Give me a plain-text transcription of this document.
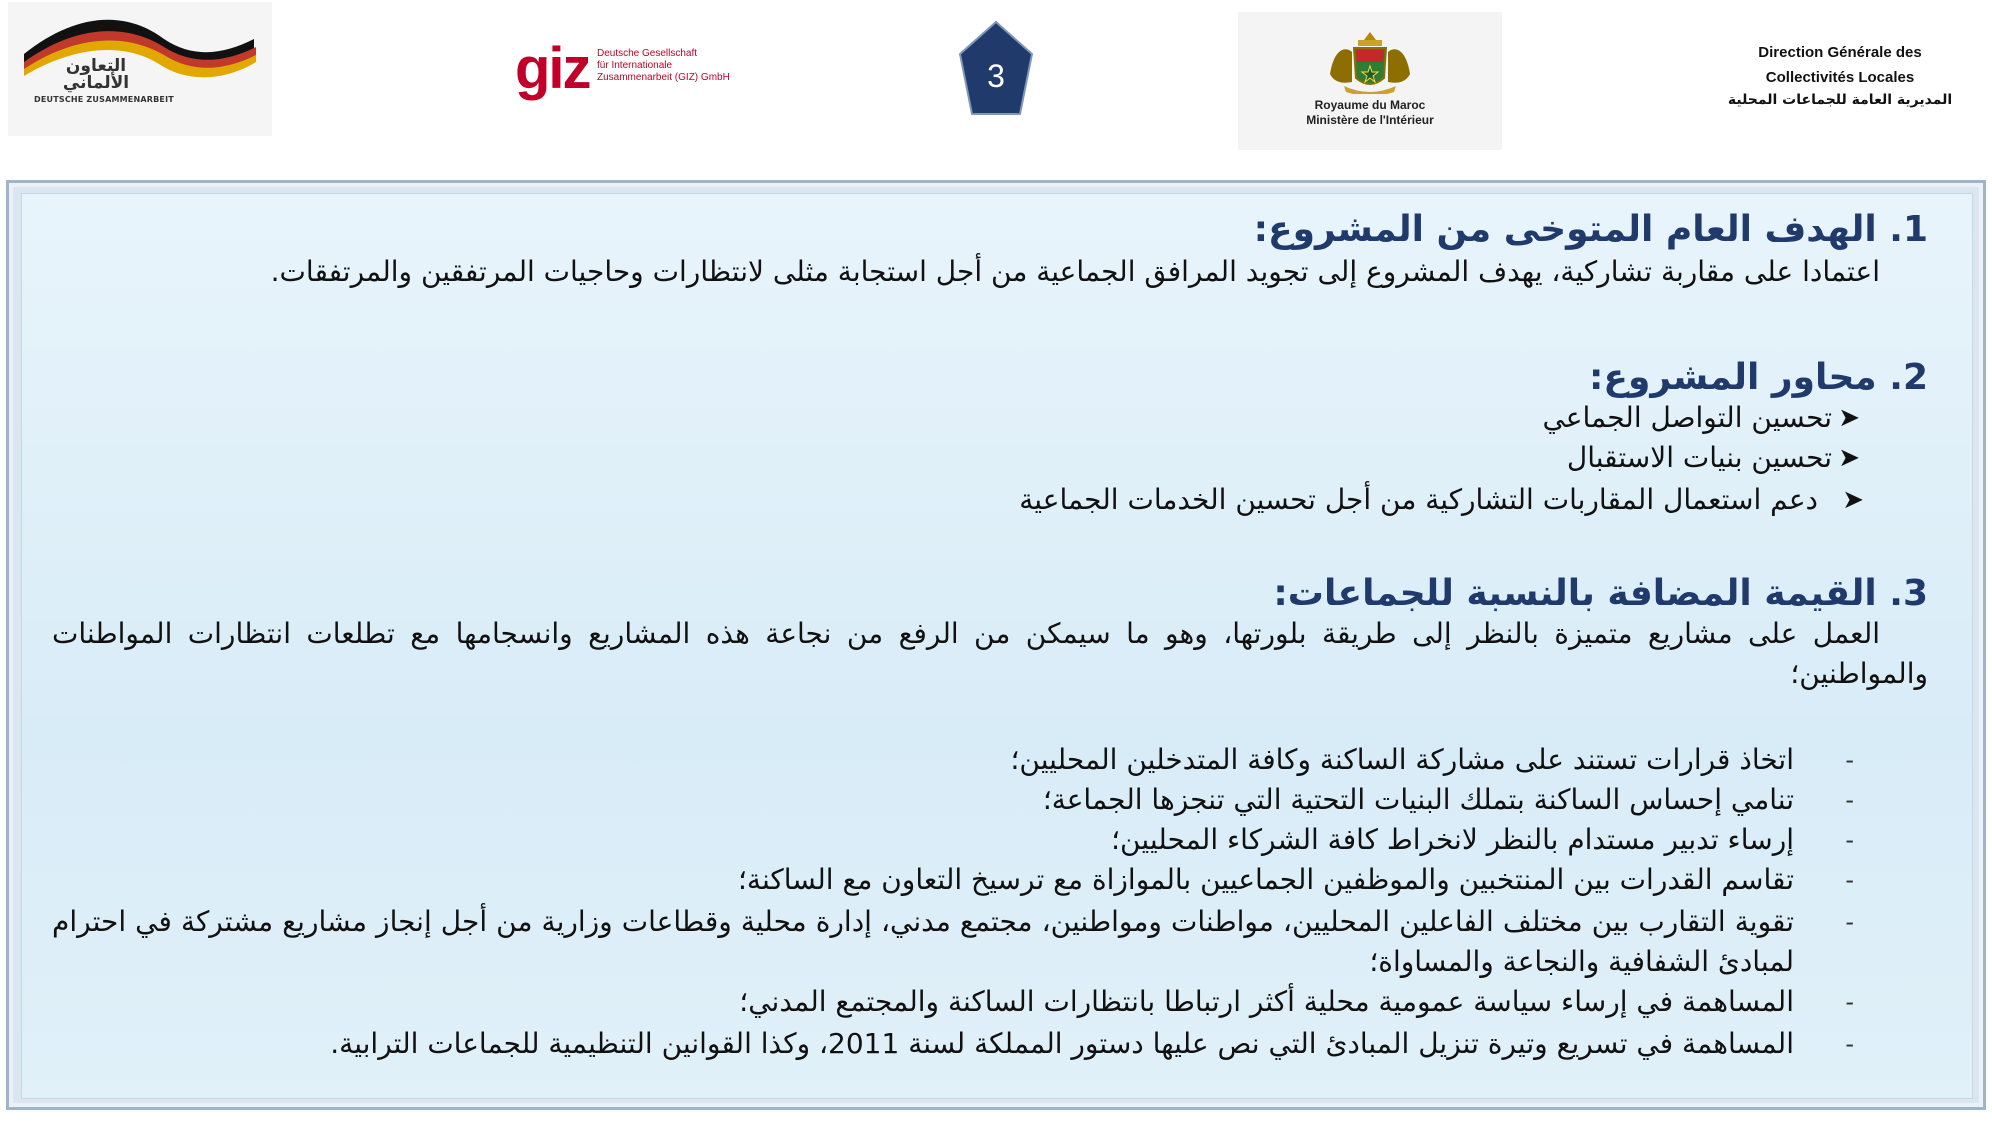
التعاون الألماني
DEUTSCHE ZUSAMMENARBEIT	giz Deutsche Gesellschaft
für Internationale
Zusammenarbeit (GIZ) GmbH	3
Royaume du Maroc
Ministère de l'Intérieur
Direction Générale des
Collectivités Locales
المديرية العامة للجماعات المحلية
1. الهدف العام المتوخى من المشروع:
اعتمادا على مقاربة تشاركية، يهدف المشروع إلى تجويد المرافق الجماعية من أجل استجابة مثلى لانتظارات وحاجيات المرتفقين والمرتفقات.
2. محاور المشروع:
➤
تحسين التواصل الجماعي
➤
تحسين بنيات الاستقبال
➤
دعم استعمال المقاربات التشاركية من أجل تحسين الخدمات الجماعية
3. القيمة المضافة بالنسبة للجماعات:
العمل على مشاريع متميزة بالنظر إلى طريقة بلورتها، وهو ما سيمكن من الرفع من نجاعة هذه المشاريع وانسجامها مع تطلعات انتظارات المواطنات والمواطنين؛
-
اتخاذ قرارات تستند على مشاركة الساكنة وكافة المتدخلين المحليين؛
-
تنامي إحساس الساكنة بتملك البنيات التحتية التي تنجزها الجماعة؛
-
إرساء تدبير مستدام بالنظر لانخراط كافة الشركاء المحليين؛
-
تقاسم القدرات بين المنتخبين والموظفين الجماعيين بالموازاة مع ترسيخ التعاون مع الساكنة؛
-
تقوية التقارب بين مختلف الفاعلين المحليين، مواطنات ومواطنين، مجتمع مدني، إدارة محلية وقطاعات وزارية من أجل إنجاز مشاريع مشتركة في احترام لمبادئ الشفافية والنجاعة والمساواة؛
-
المساهمة في إرساء سياسة عمومية محلية أكثر ارتباطا بانتظارات الساكنة والمجتمع المدني؛
-
المساهمة في تسريع وتيرة تنزيل المبادئ التي نص عليها دستور المملكة لسنة 2011، وكذا القوانين التنظيمية للجماعات الترابية.
